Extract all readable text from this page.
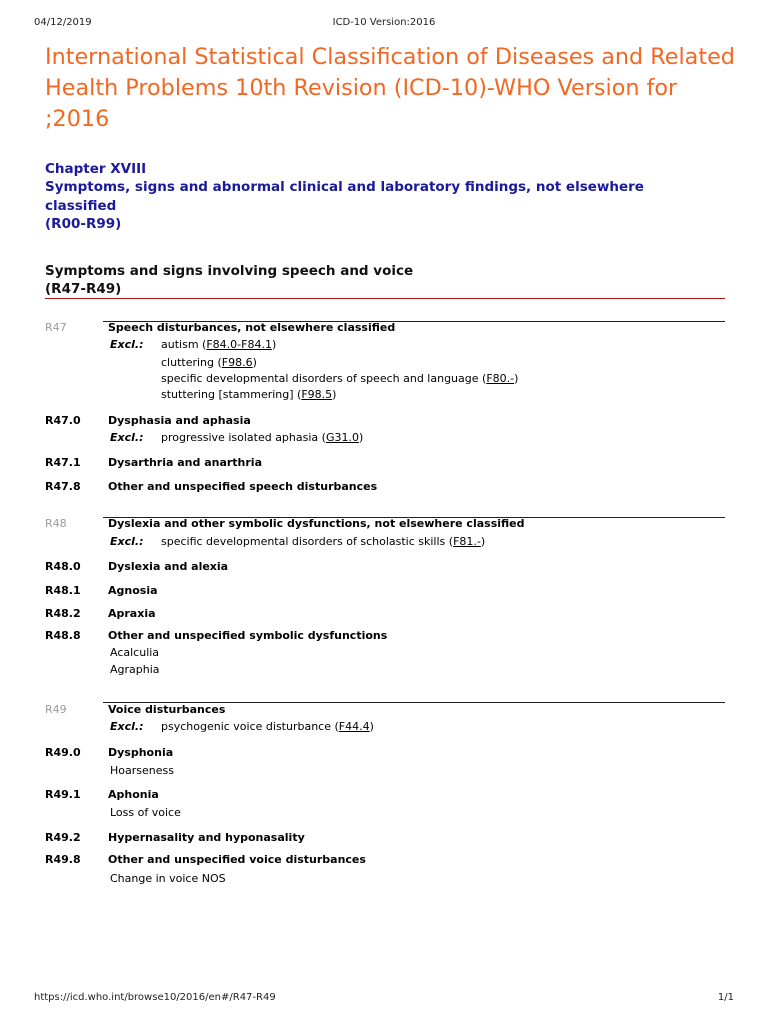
04/12/2019	ICD-10 Version:2016
International Statistical Classification of Diseases and Related Health Problems 10th Revision (ICD-10)-WHO Version for ;2016
Chapter XVIII
Symptoms, signs and abnormal clinical and laboratory findings, not elsewhere
classified
(R00-R99)
Symptoms and signs involving speech and voice
(R47-R49)
R47	Speech disturbances, not elsewhere classified
Excl.: autism (F84.0-F84.1)
cluttering (F98.6)
specific developmental disorders of speech and language (F80.-)
stuttering [stammering] (F98.5)
R47.0 Dysphasia and aphasia
Excl.: progressive isolated aphasia (G31.0)
R47.1 Dysarthria and anarthria
R47.8 Other and unspecified speech disturbances
R48	Dyslexia and other symbolic dysfunctions, not elsewhere classified
Excl.: specific developmental disorders of scholastic skills (F81.-)
R48.0 Dyslexia and alexia
R48.1 Agnosia
R48.2 Apraxia
R48.8 Other and unspecified symbolic dysfunctions
Acalculia
Agraphia
R49	Voice disturbances
Excl.: psychogenic voice disturbance (F44.4)
R49.0 Dysphonia
Hoarseness
R49.1 Aphonia
Loss of voice
R49.2 Hypernasality and hyponasality
R49.8 Other and unspecified voice disturbances
Change in voice NOS
https://icd.who.int/browse10/2016/en#/R47-R49	1/1
